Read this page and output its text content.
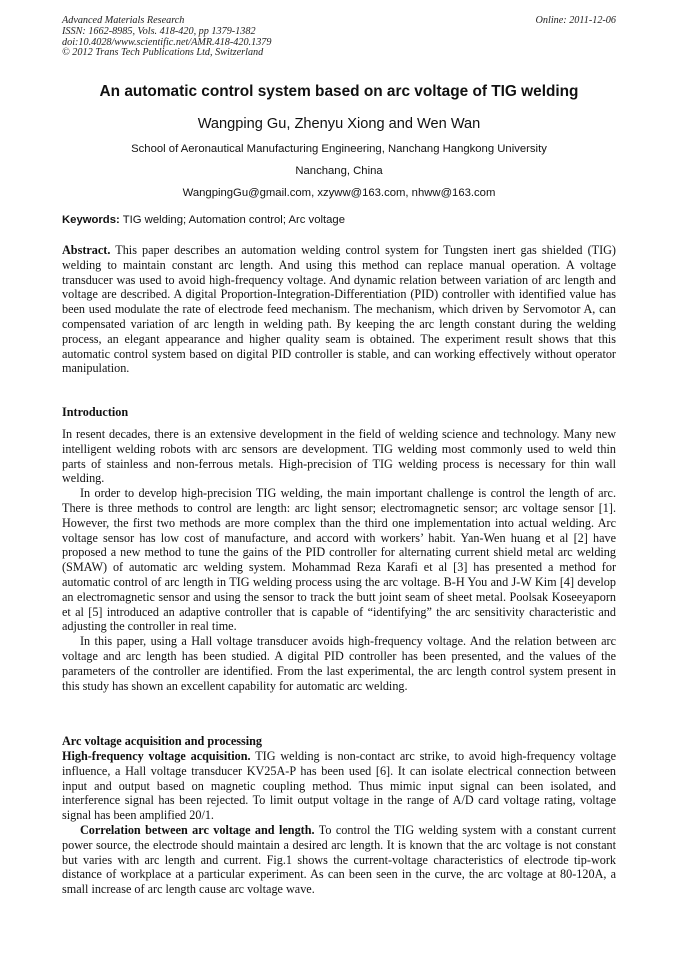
Advanced Materials Research
ISSN: 1662-8985, Vols. 418-420, pp 1379-1382
doi:10.4028/www.scientific.net/AMR.418-420.1379
© 2012 Trans Tech Publications Ltd, Switzerland
Online: 2011-12-06
An automatic control system based on arc voltage of TIG welding
Wangping Gu, Zhenyu Xiong and Wen Wan
School of Aeronautical Manufacturing Engineering, Nanchang Hangkong University
Nanchang, China
WangpingGu@gmail.com, xzyww@163.com, nhww@163.com
Keywords: TIG welding; Automation control; Arc voltage

Abstract. This paper describes an automation welding control system for Tungsten inert gas shielded (TIG) welding to maintain constant arc length. And using this method can replace manual operation. A voltage transducer was used to avoid high-frequency voltage. And dynamic relation between variation of arc length and voltage are described. A digital Proportion-Integration-Differentiation (PID) controller with identified value has been used modulate the rate of electrode feed mechanism. The mechanism, which driven by Servomotor A, can compensated variation of arc length in welding path. By keeping the arc length constant during the welding process, an elegant appearance and higher quality seam is obtained. The experiment result shows that this automatic control system based on digital PID controller is stable, and can working effectively without operator manipulation.

Introduction

In resent decades, there is an extensive development in the field of welding science and technology. Many new intelligent welding robots with arc sensors are development. TIG welding most commonly used to weld thin parts of stainless and non-ferrous metals. High-precision of TIG welding process is necessary for thin wall welding.

In order to develop high-precision TIG welding, the main important challenge is control the length of arc. There is three methods to control are length: arc light sensor; electromagnetic sensor; arc voltage sensor [1]. However, the first two methods are more complex than the third one implementation into actual welding. Arc voltage sensor has low cost of manufacture, and accord with workers’ habit. Yan-Wen huang et al [2] have proposed a new method to tune the gains of the PID controller for alternating current shield metal arc welding (SMAW) of automatic arc welding system. Mohammad Reza Karafi et al [3] has presented a method for automatic control of arc length in TIG welding process using the arc voltage. B-H You and J-W Kim [4] develop an electromagnetic sensor and using the sensor to track the butt joint seam of sheet metal. Poolsak Koseeyaporn et al [5] introduced an adaptive controller that is capable of “identifying” the arc sensitivity characteristic and adjusting the controller in real time.

In this paper, using a Hall voltage transducer avoids high-frequency voltage. And the relation between arc voltage and arc length has been studied. A digital PID controller has been presented, and the values of the parameters of the controller are identified. From the last experimental, the arc length control system present in this study has shown an excellent capability for automatic arc welding.

Arc voltage acquisition and processing

High-frequency voltage acquisition. TIG welding is non-contact arc strike, to avoid high-frequency voltage influence, a Hall voltage transducer KV25A-P has been used [6]. It can isolate electrical connection between input and output based on magnetic coupling method. Thus mimic input signal can been isolated, and interference signal has been rejected. To limit output voltage in the range of A/D card voltage rating, voltage signal has been amplified 20/1.

Correlation between arc voltage and length. To control the TIG welding system with a constant current power source, the electrode should maintain a desired arc length. It is known that the arc voltage is not constant but varies with arc length and current. Fig.1 shows the current-voltage characteristics of electrode tip-work distance of workplace at a particular experiment. As can been seen in the curve, the arc voltage at 80-120A, a small increase of arc length cause arc voltage wave.
